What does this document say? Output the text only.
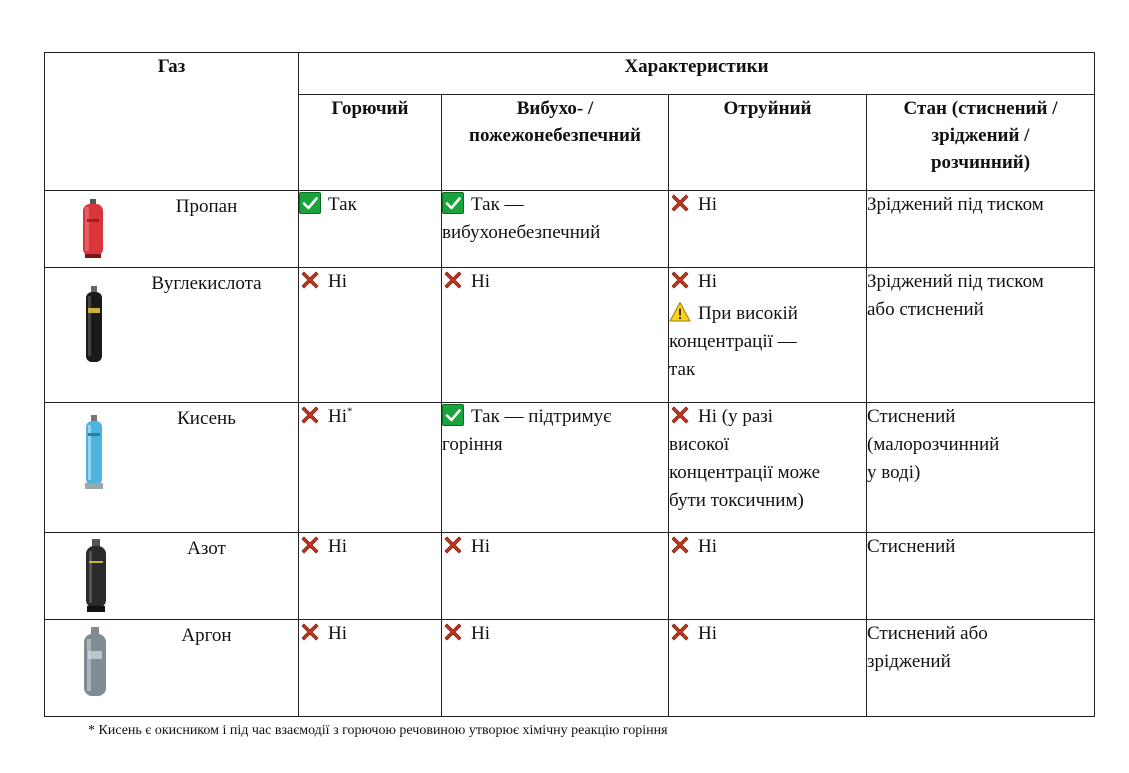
Газ	Характеристики			
	Горючий	Вибухо- /
пожежонебезпечний	Отруйний	Стан (стиснений /
зріджений /
розчинний)

Пропан	Так	Так —
вибухонебезпечний	Ні	Зріджений під тиском

Вуглекислота	Ні	Ні	Ні
При високій
концентрації —
так	Зріджений під тиском
або стиснений

Кисень	Ні*	Так — підтримує
горіння	Ні (у разі
високої
концентрації може
бути токсичним)	Стиснений
(малорозчинний
у воді)

Азот	Ні	Ні	Ні	Стиснений

Аргон	Ні	Ні	Ні	Стиснений або
зріджений
* Кисень є окисником і під час взаємодії з горючою речовиною утворює хімічну реакцію горіння
